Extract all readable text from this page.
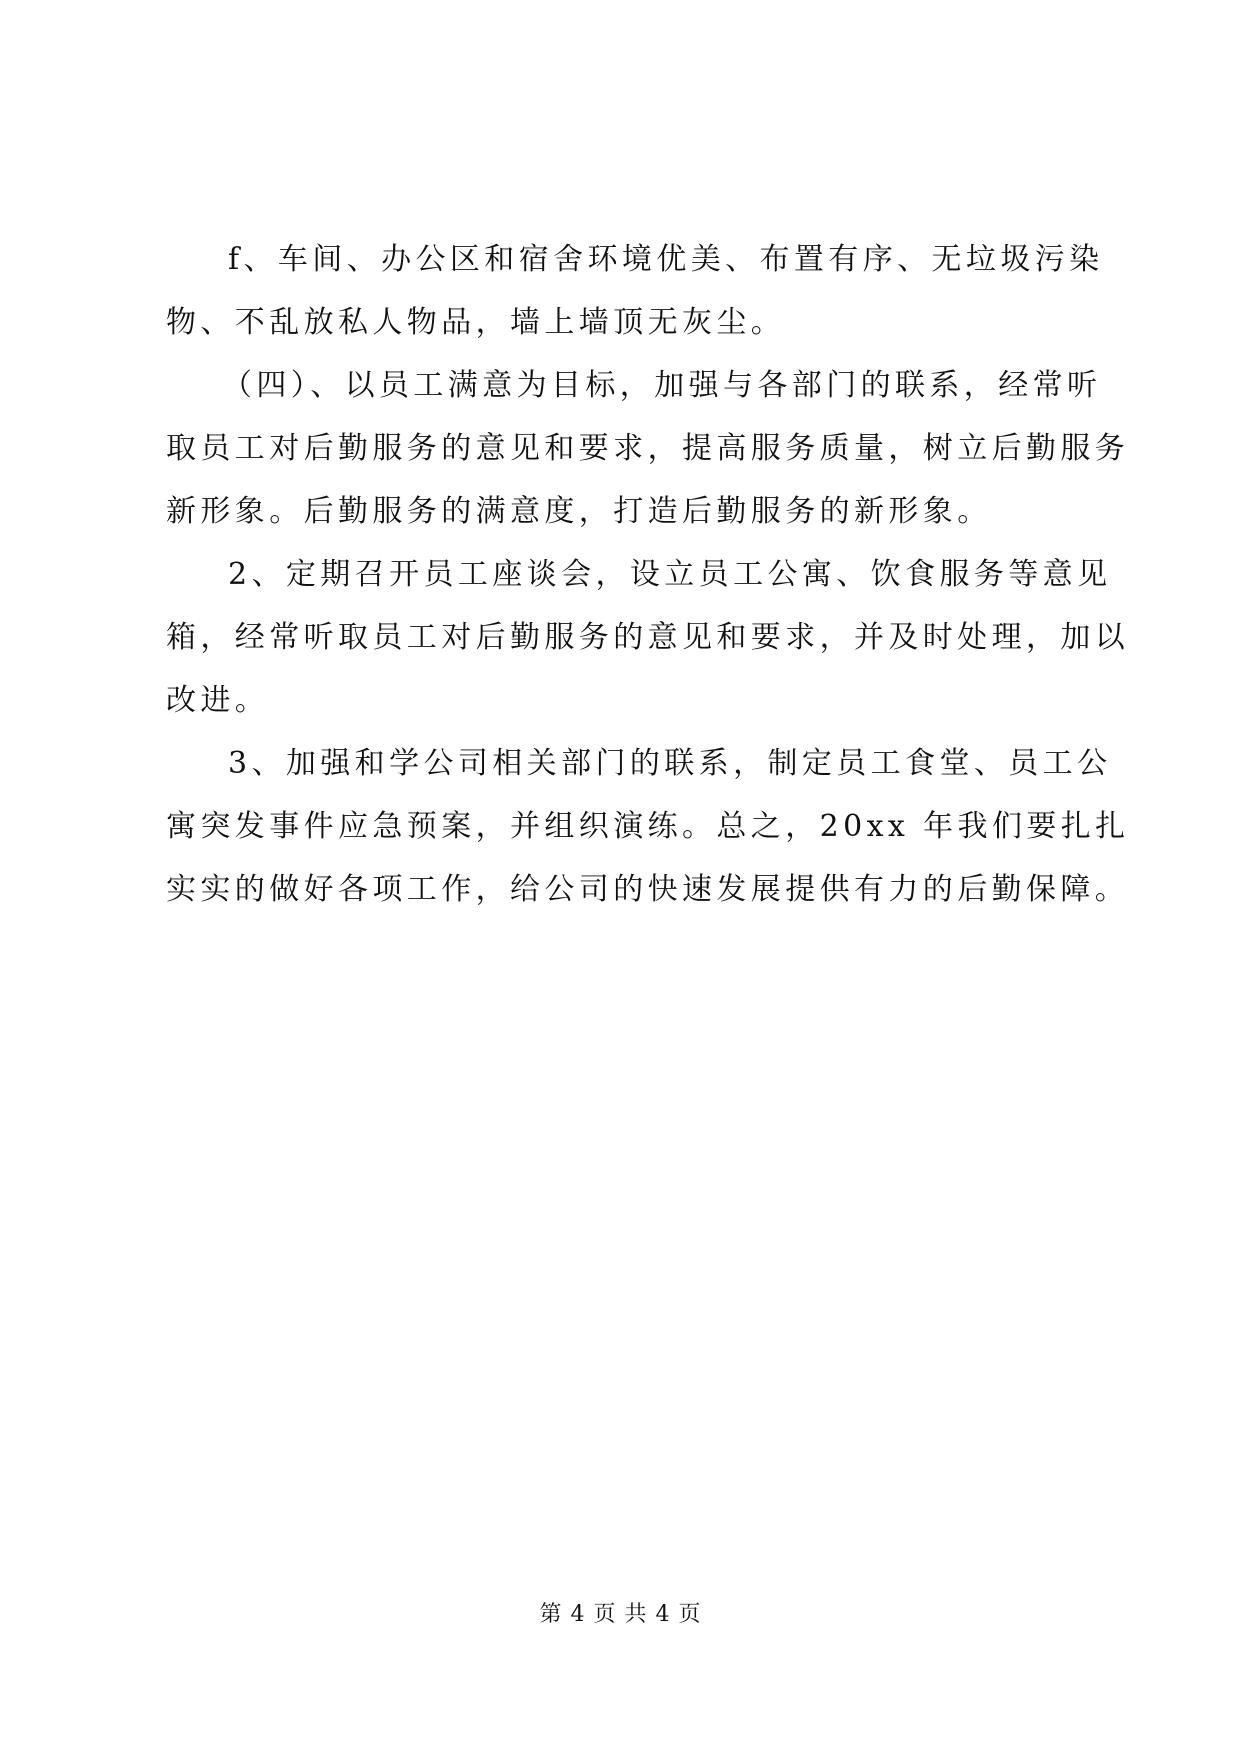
f、车间、办公区和宿舍环境优美、布置有序、无垃圾污染
物、不乱放私人物品，墙上墙顶无灰尘。
（四）、以员工满意为目标，加强与各部门的联系，经常听
取员工对后勤服务的意见和要求，提高服务质量，树立后勤服务
新形象。后勤服务的满意度，打造后勤服务的新形象。
2、定期召开员工座谈会，设立员工公寓、饮食服务等意见
箱，经常听取员工对后勤服务的意见和要求，并及时处理，加以
改进。
3、加强和学公司相关部门的联系，制定员工食堂、员工公
寓突发事件应急预案，并组织演练。总之，20xx 年我们要扎扎
实实的做好各项工作，给公司的快速发展提供有力的后勤保障。
第 4 页 共 4 页
